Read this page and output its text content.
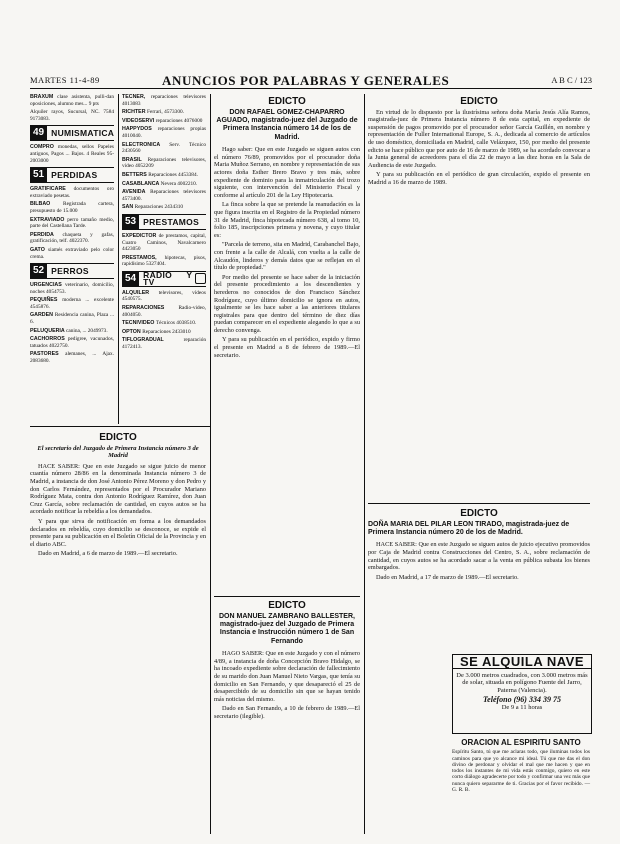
MARTES 11-4-89	ANUNCIOS POR PALABRAS Y GENERALES	A B C / 123
BRAXUM clase asistenta, pulli-dan oposiciones, alumno mes... 9 pts
Alquiler rayos, Sucursal, NC. 7584 9173083.
49 NUMISMATICA
COMPRO monedas, sellos Papeles antiguos, Pagos ... Bajos. 4 Reales 95-2003000
51 PERDIDAS
GRATIFICARE documentos oro extraviado pesetas.
BILBAO Registrada cartera, presupuesto de 15.000
EXTRAVIADO perro tamaño medio, parte del Castellana Tarde.
PERDIDA chaqueta y gafas, gratificación, telf. 4022370.
GATO siamés extraviado pelo color crema.
52 PERROS
URGENCIAS veterinario, domicilio, noches 4054753.
PEQUIÑES moderna ... excelente 4545876.
GARDEN Residencia canina, Plaza ... 6.
PELUQUERIA canina, ... 2049973.
CACHORROS pedigree, vacunados, tatuados 4022750.
PASTORES alemanes, ... Ajax. 2083680.
TECNER, reparaciones televisores 4013083
RICHTER Ferrari, 4573300.
VIDEOSERVI reparaciones 4076000
HAPPYDOS reparaciones propias 4010040.
ELECTRONICA Serv. Técnico 2430560
BRASIL Reparaciones televisores, video 4052209
BETTERS Reparaciones 4453384.
CASABLANCA Nevera 4002210.
AVENIDA Reparaciones televisores 4573400.
SAN Reparaciones 2434310
53 PRESTAMOS
EXPEDICTOR de prestamos, capital, Cuatro Caminos, Navalcarnero 4423050
PRESTAMOS, hipotecas, pisos, rapidísimo 5327404.
54 RADIO Y TV
ALQUILER televisores, vídeos 4540575.
REPARACIONES Radio-video, 4004050.
TECNIVIDEO Técnicos 4038510.
OPTON Reparaciones 2433010
TIFLOGRADUAL reparación 4172413.
EDICTO
El secretario del Juzgado de Primera Instancia número 3 de Madrid

HACE SABER: Que en este Juzgado se sigue juicio de menor cuantía número 28/86 en la denominada Instancia número 3 de Madrid, a instancia de don José Antonio Pérez Moreno y don Pedro y don Carlos Fernández, representados por el Procurador Mariano Rodríguez Mata, contra don Antonio Rodríguez Ramírez, don Juan Cruz García, sobre reclamación de cantidad, en cuyos autos se ha acordado notificar la rebeldía a los demandados.

Y para que sirva de notificación en forma a los demandados declarados en rebeldía, cuyo domicilio se desconoce, se expide el presente para su publicación en el Boletín Oficial de la Provincia y en el diario ABC.

Dado en Madrid, a 6 de marzo de 1989.—El secretario.

EDICTO
DON RAFAEL GOMEZ-CHAPARRO AGUADO, magistrado-juez del Juzgado de Primera Instancia número 14 de los de Madrid.

Hago saber: Que en este Juzgado se siguen autos con el número 76/89, promovidos por el procurador doña Maria Muñoz Serrano, en nombre y representación de sus actores doña Esther Brero Bravo y tres más, sobre expediente de dominio para la inmatriculación del trozo siguiente, con intervención del Ministerio Fiscal y conforme al artículo 201 de la Ley Hipotecaria.

La finca sobre la que se pretende la reanudación es la que figura inscrita en el Registro de la Propiedad número 31 de Madrid, finca hipotecada número 638, al tomo 10, folio 185, inscripciones primera y novena, y cuyo titular es:

"Parcela de terreno, sita en Madrid, Carabanchel Bajo, con frente a la calle de Alcalá, con vuelta a la calle de Alcaudón, linderos y demás datos que se reflejan en el título de propiedad."

Por medio del presente se hace saber de la iniciación del presente procedimiento a los descendientes y herederos no conocidos de don Francisco Sánchez Rodríguez, cuyo último domicilio se ignora en autos, igualmente se les hace saber a las anteriores titulares registrales para que dentro del término de diez días puedan comparecer en el expediente alegando lo que a su derecho convenga.

Y para su publicación en el periódico, expido y firmo el presente en Madrid a 8 de febrero de 1989.—El secretario.

EDICTO
DON MANUEL ZAMBRANO BALLESTER, magistrado-juez del Juzgado de Primera Instancia e Instrucción número 1 de San Fernando

HAGO SABER: Que en este Juzgado y con el número 4/89, a instancia de doña Concepción Bravo Hidalgo, se ha incoado expediente sobre declaración de fallecimiento de su marido don Juan Manuel Nieto Vargas, que tenía su domicilio en San Fernando, y que desapareció el 25 de desapercibido de su domicilio sin que se hayan tenido más noticias del mismo.

Dado en San Fernando, a 10 de febrero de 1989.—El secretario (ilegible).

EDICTO

En virtud de lo dispuesto por la ilustrísima señora doña María Jesús Alía Ramos, magistrada-juez de Primera Instancia número 8 de esta capital, en expediente de suspensión de pagos promovido por el procurador señor García Guillén, en nombre y representación de Fuller International Europe, S. A., dedicada al comercio de artículos de uso doméstico, domiciliada en Madrid, calle Velázquez, 150, por medio del presente edicto se hace público que por auto de 16 de marzo de 1989, se ha acordado convocar a la Junta general de acreedores para el día 22 de mayo a las diez horas en la Sala de Audiencia de este Juzgado.

Y para su publicación en el periódico de gran circulación, expido el presente en Madrid a 16 de marzo de 1989.

EDICTO
DOÑA MARIA DEL PILAR LEON TIRADO, magistrada-juez de Primera Instancia número 20 de los de Madrid.

HACE SABER: Que en este Juzgado se siguen autos de juicio ejecutivo promovidos por Caja de Madrid contra Construcciones del Centro, S. A., sobre reclamación de cantidad, en cuyos autos se ha acordado sacar a la venta en pública subasta los bienes embargados.

Dado en Madrid, a 17 de marzo de 1989.—El secretario.

SE ALQUILA NAVE
De 3.000 metros cuadrados, con 3.000 metros más de solar, situada en polígono Fuente del Jarro, Paterna (Valencia).
Teléfono (96) 334 39 75
De 9 a 11 horas
ORACION AL ESPIRITU SANTO
Espíritu Santo, tú que me aclaras todo, que iluminas todos los caminos para que yo alcance mi ideal. Tú que me das el don divino de perdonar y olvidar el mal que me hacen y que en todos los instantes de mi vida estás conmigo, quiero en este corto diálogo agradecerte por todo y confirmar una vez más que nunca quiero separarme de ti. Gracias por el favor recibido. — G. R. B.
